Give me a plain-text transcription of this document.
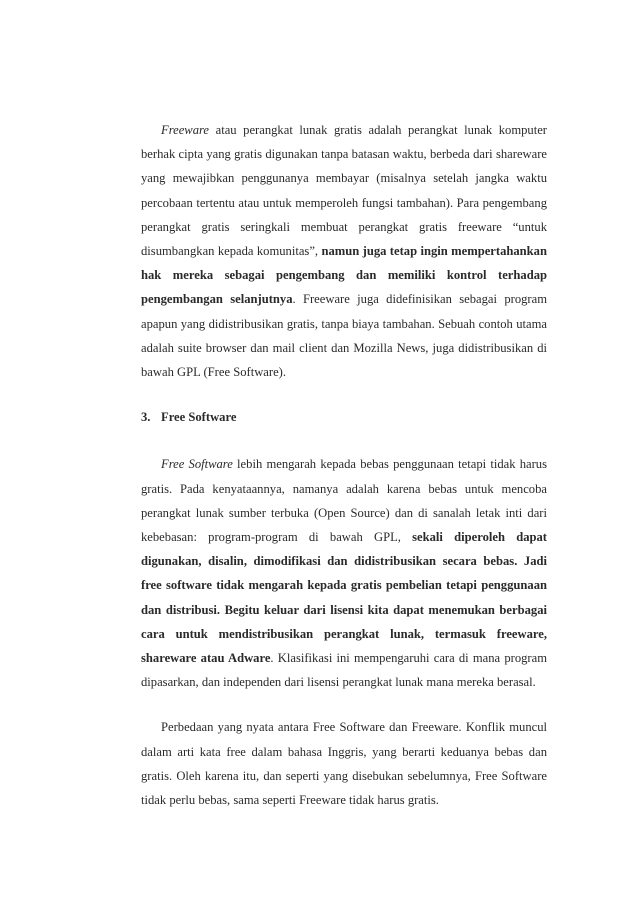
Freeware atau perangkat lunak gratis adalah perangkat lunak komputer berhak cipta yang gratis digunakan tanpa batasan waktu, berbeda dari shareware yang mewajibkan penggunanya membayar (misalnya setelah jangka waktu percobaan tertentu atau untuk memperoleh fungsi tambahan). Para pengembang perangkat gratis seringkali membuat perangkat gratis freeware “untuk disumbangkan kepada komunitas”, namun juga tetap ingin mempertahankan hak mereka sebagai pengembang dan memiliki kontrol terhadap pengembangan selanjutnya. Freeware juga didefinisikan sebagai program apapun yang didistribusikan gratis, tanpa biaya tambahan. Sebuah contoh utama adalah suite browser dan mail client dan Mozilla News, juga didistribusikan di bawah GPL (Free Software).

3. Free Software

Free Software lebih mengarah kepada bebas penggunaan tetapi tidak harus gratis. Pada kenyataannya, namanya adalah karena bebas untuk mencoba perangkat lunak sumber terbuka (Open Source) dan di sanalah letak inti dari kebebasan: program-program di bawah GPL, sekali diperoleh dapat digunakan, disalin, dimodifikasi dan didistribusikan secara bebas. Jadi free software tidak mengarah kepada gratis pembelian tetapi penggunaan dan distribusi. Begitu keluar dari lisensi kita dapat menemukan berbagai cara untuk mendistribusikan perangkat lunak, termasuk freeware, shareware atau Adware. Klasifikasi ini mempengaruhi cara di mana program dipasarkan, dan independen dari lisensi perangkat lunak mana mereka berasal.

Perbedaan yang nyata antara Free Software dan Freeware. Konflik muncul dalam arti kata free dalam bahasa Inggris, yang berarti keduanya bebas dan gratis. Oleh karena itu, dan seperti yang disebukan sebelumnya, Free Software tidak perlu bebas, sama seperti Freeware tidak harus gratis.
